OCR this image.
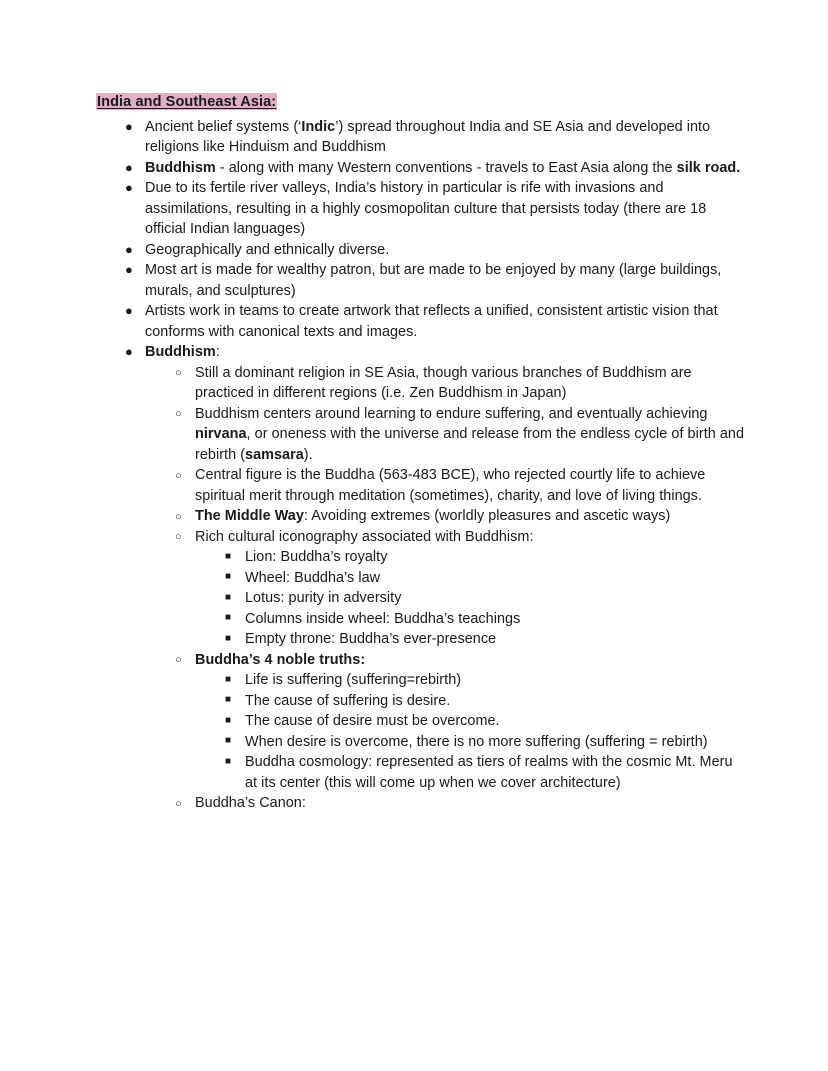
India and Southeast Asia:
● Ancient belief systems (‘Indic’) spread throughout India and SE Asia and developed into religions like Hinduism and Buddhism
● Buddhism - along with many Western conventions - travels to East Asia along the silk road.
● Due to its fertile river valleys, India’s history in particular is rife with invasions and assimilations, resulting in a highly cosmopolitan culture that persists today (there are 18 official Indian languages)
● Geographically and ethnically diverse.
● Most art is made for wealthy patron, but are made to be enjoyed by many (large buildings, murals, and sculptures)
● Artists work in teams to create artwork that reflects a unified, consistent artistic vision that conforms with canonical texts and images.
● Buddhism:
○ Still a dominant religion in SE Asia, though various branches of Buddhism are practiced in different regions (i.e. Zen Buddhism in Japan)
○ Buddhism centers around learning to endure suffering, and eventually achieving nirvana, or oneness with the universe and release from the endless cycle of birth and rebirth (samsara).
○ Central figure is the Buddha (563-483 BCE), who rejected courtly life to achieve spiritual merit through meditation (sometimes), charity, and love of living things.
○ The Middle Way: Avoiding extremes (worldly pleasures and ascetic ways)
○ Rich cultural iconography associated with Buddhism:
■ Lion: Buddha’s royalty
■ Wheel: Buddha’s law
■ Lotus: purity in adversity
■ Columns inside wheel: Buddha’s teachings
■ Empty throne: Buddha’s ever-presence
○ Buddha’s 4 noble truths:
■ Life is suffering (suffering=rebirth)
■ The cause of suffering is desire.
■ The cause of desire must be overcome.
■ When desire is overcome, there is no more suffering (suffering = rebirth)
■ Buddha cosmology: represented as tiers of realms with the cosmic Mt. Meru at its center (this will come up when we cover architecture)
○ Buddha’s Canon:
